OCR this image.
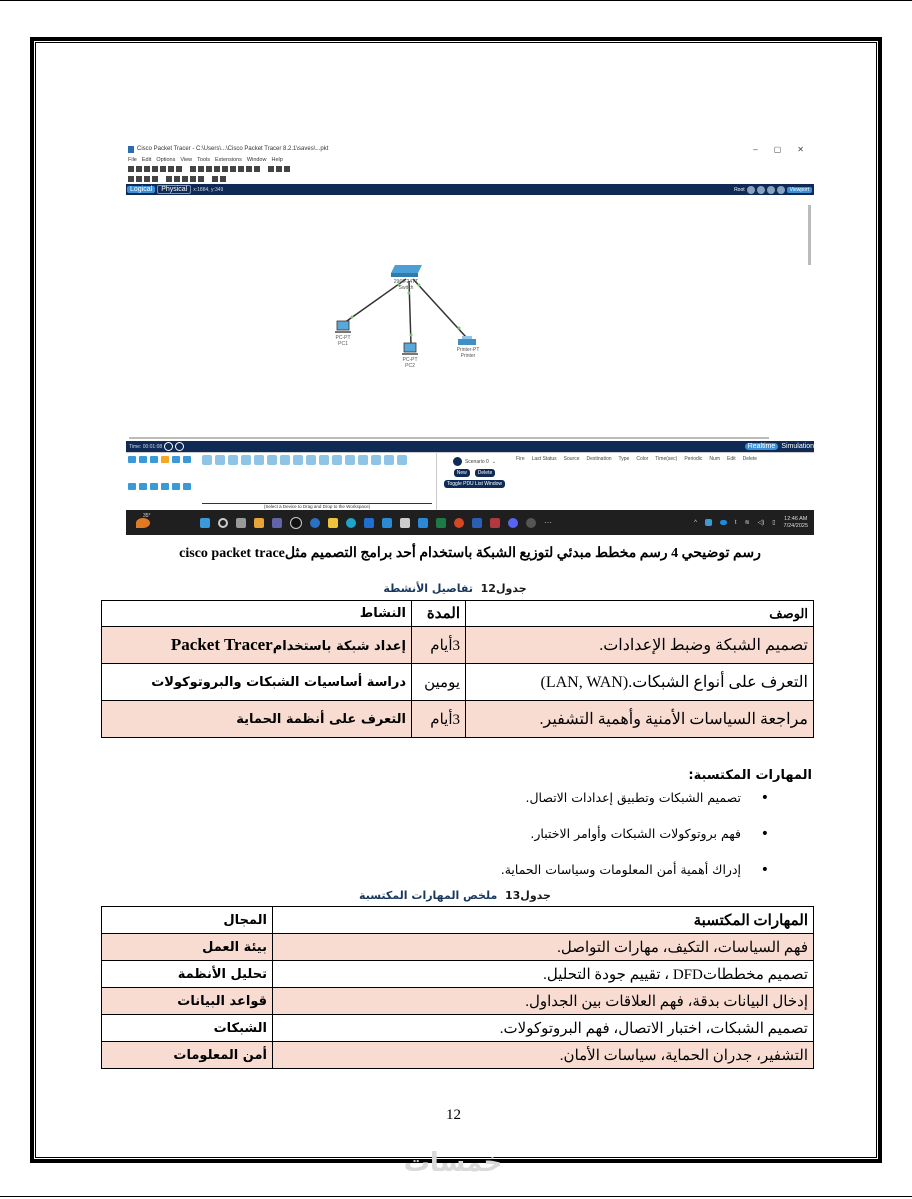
Cisco Packet Tracer - C:\Users\...\Cisco Packet Tracer 8.2.1\saves\...pkt	– ▢ ✕
File Edit Options View Tools Extensions Window Help
Logical	Physical	x:1884, y:349	Root	Viewport
2960-24TT
Switch
PC-PT
PC1
PC-PT
PC2
Printer-PT
Printer
Time: 00:01:08	Realtime Simulation
(Select a Device to Drag and Drop to the Workspace)
Scenario 0 ⌄
New	Delete
Toggle PDU List Window
Fire Last Status Source Destination Type Color Time(sec) Periodic Num Edit Delete
35°
···	^	t ≋ ◁) ▯
12:46 AM
7/24/2025
رسم توضيحي 4 رسم مخطط مبدئي لتوزيع الشبكة باستخدام أحد برامج التصميم مثلcisco packet trace
جدول12  تفاصيل الأنشطة
الوصف	المدة	النشاط
تصميم الشبكة وضبط الإعدادات.	3أيام	إعداد شبكة باستخدامPacket Tracer
التعرف على أنواع الشبكات.(LAN, WAN)	يومين	دراسة أساسيات الشبكات والبروتوكولات
مراجعة السياسات الأمنية وأهمية التشفير.	3أيام	التعرف على أنظمة الحماية
المهارات المكتسبة:
•
تصميم الشبكات وتطبيق إعدادات الاتصال.
•
فهم بروتوكولات الشبكات وأوامر الاختبار.
•
إدراك أهمية أمن المعلومات وسياسات الحماية.
جدول13  ملخص المهارات المكتسبة
المهارات المكتسبة	المجال
فهم السياسات، التكيف، مهارات التواصل.	بيئة العمل
تصميم مخططاتDFD ، تقييم جودة التحليل.	تحليل الأنظمة
إدخال البيانات بدقة، فهم العلاقات بين الجداول.	قواعد البيانات
تصميم الشبكات، اختبار الاتصال، فهم البروتوكولات.	الشبكات
التشفير، جدران الحماية، سياسات الأمان.	أمن المعلومات
12
خمسات
